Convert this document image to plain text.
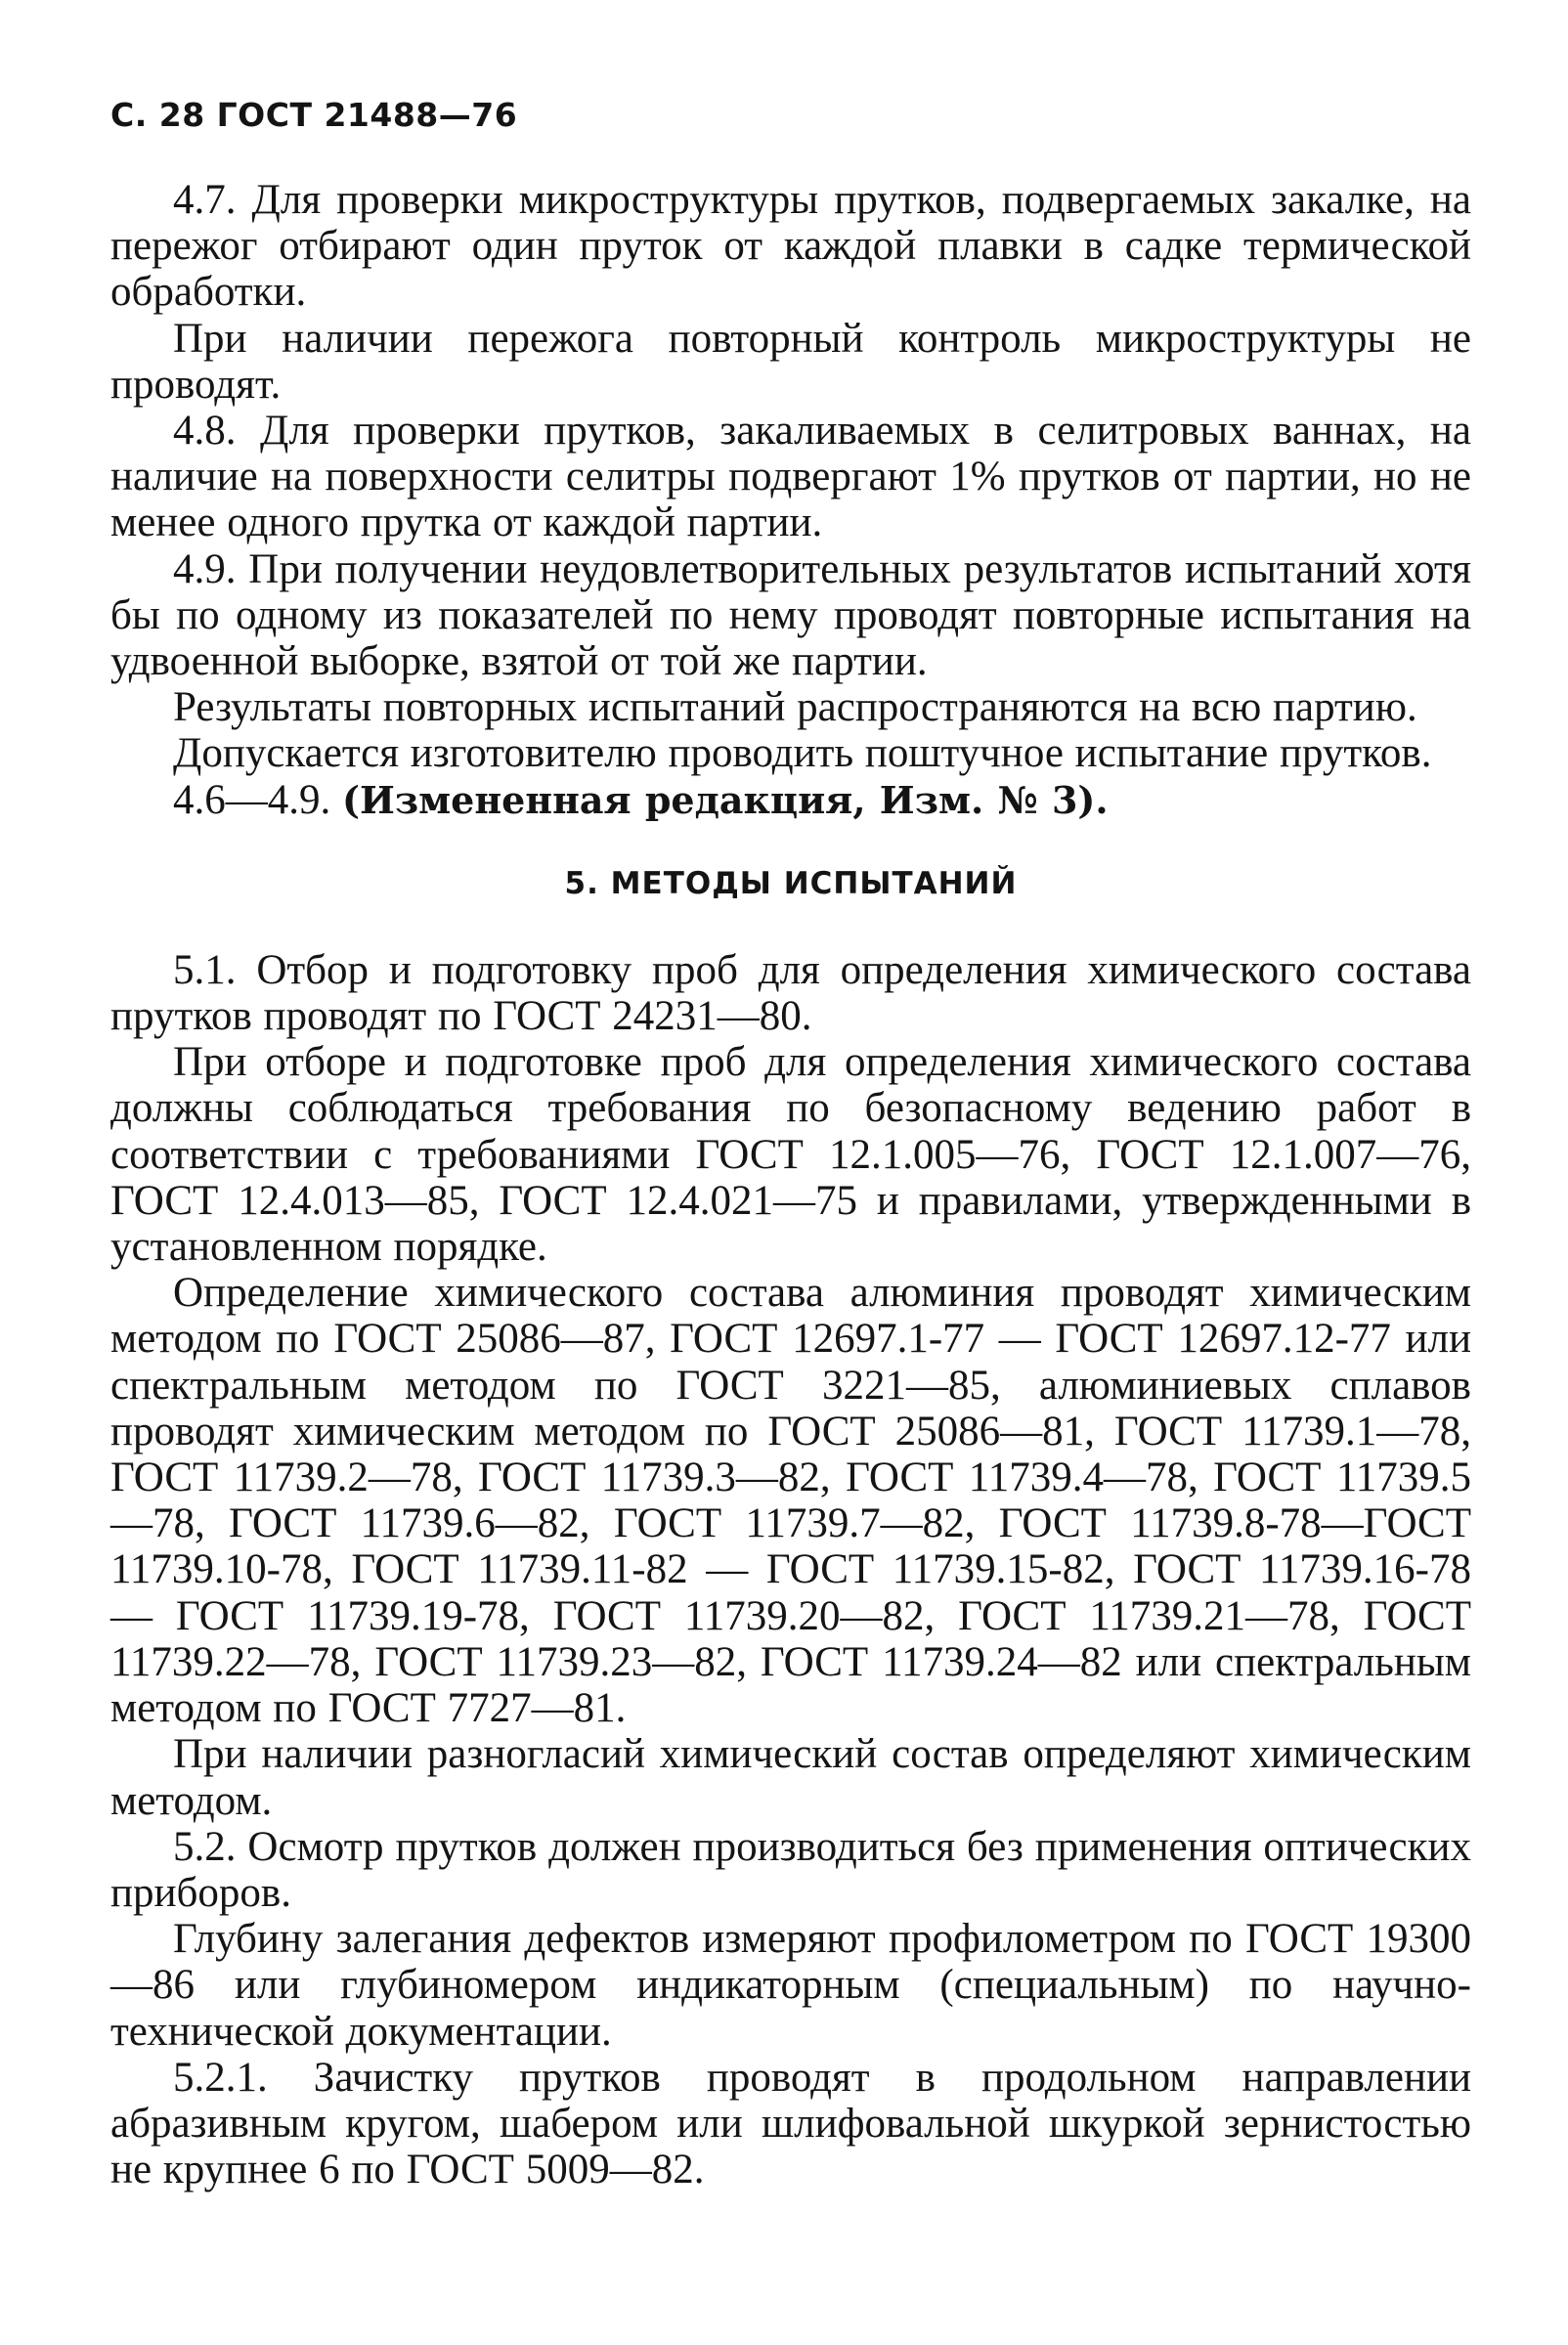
С. 28 ГОСТ 21488—76

4.7. Для проверки микроструктуры прутков, подвергаемых закалке, на пережог отбирают один пруток от каждой плавки в садке термической обработки.

При наличии пережога повторный контроль микроструктуры не проводят.

4.8. Для проверки прутков, закаливаемых в селитровых ваннах, на наличие на поверхности селитры подвергают 1% прутков от партии, но не менее одного прутка от каждой партии.

4.9. При получении неудовлетворительных результатов испытаний хотя бы по одному из показателей по нему проводят повторные испытания на удвоенной выборке, взятой от той же партии.

Результаты повторных испытаний распространяются на всю партию.

Допускается изготовителю проводить поштучное испытание прутков.

4.6—4.9. (Измененная редакция, Изм. № 3).

5. МЕТОДЫ ИСПЫТАНИЙ

5.1. Отбор и подготовку проб для определения химического состава прутков проводят по ГОСТ 24231—80.

При отборе и подготовке проб для определения химического состава должны соблюдаться требования по безопасному ведению работ в соответствии с требованиями ГОСТ 12.1.005—76, ГОСТ 12.1.007—76, ГОСТ 12.4.013—85, ГОСТ 12.4.021—75 и правилами, утвержденными в установленном порядке.

Определение химического состава алюминия проводят химическим методом по ГОСТ 25086—87, ГОСТ 12697.1-77 — ГОСТ 12697.12-77 или спектральным методом по ГОСТ 3221—85, алюминиевых сплавов проводят химическим методом по ГОСТ 25086—81, ГОСТ 11739.1—78, ГОСТ 11739.2—78, ГОСТ 11739.3—82, ГОСТ 11739.4—78, ГОСТ 11739.5—78, ГОСТ 11739.6—82, ГОСТ 11739.7—82, ГОСТ 11739.8-78—ГОСТ 11739.10-78, ГОСТ 11739.11-82 — ГОСТ 11739.15-82, ГОСТ 11739.16-78 — ГОСТ 11739.19-78, ГОСТ 11739.20—82, ГОСТ 11739.21—78, ГОСТ 11739.22—78, ГОСТ 11739.23—82, ГОСТ 11739.24—82 или спектральным методом по ГОСТ 7727—81.

При наличии разногласий химический состав определяют химическим методом.

5.2. Осмотр прутков должен производиться без применения оптических приборов.

Глубину залегания дефектов измеряют профилометром по ГОСТ 19300—86 или глубиномером индикаторным (специальным) по научно-технической документации.

5.2.1. Зачистку прутков проводят в продольном направлении абразивным кругом, шабером или шлифовальной шкуркой зернистостью не крупнее 6 по ГОСТ 5009—82.
